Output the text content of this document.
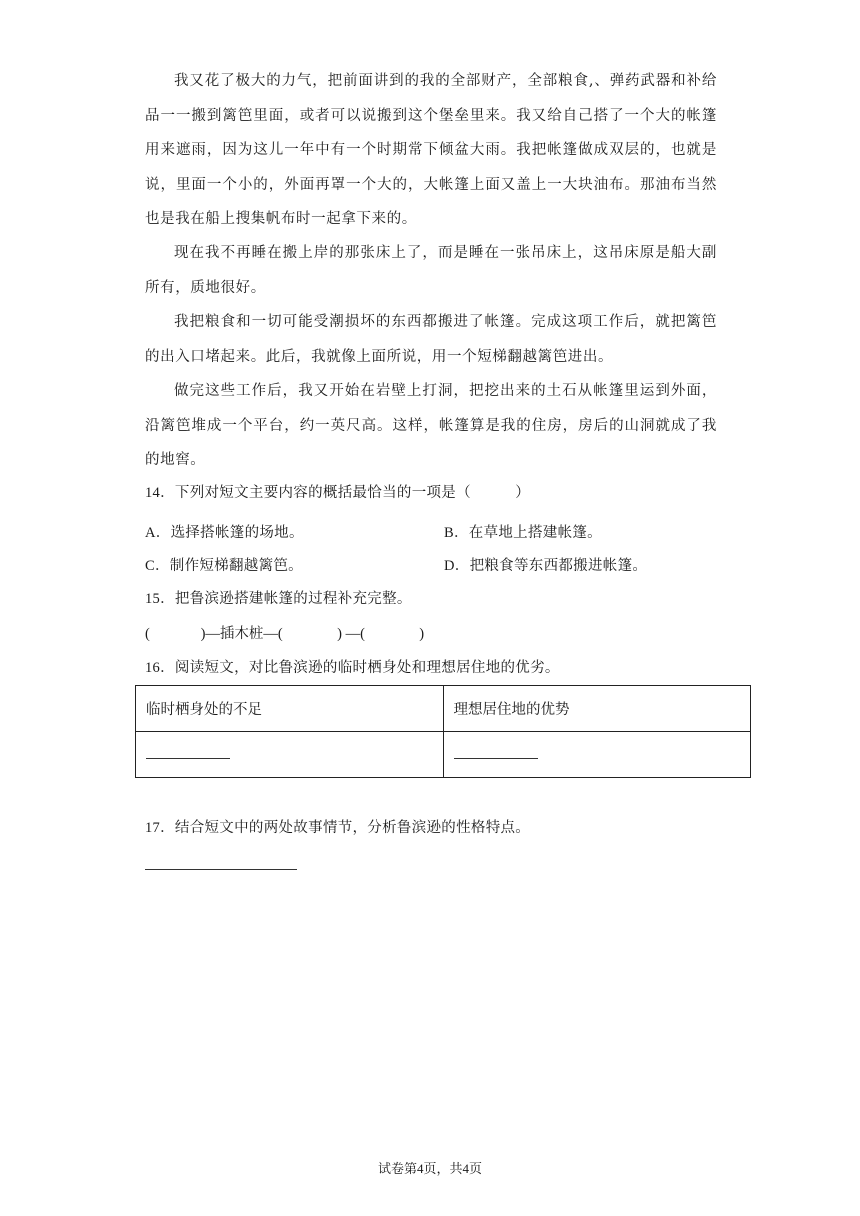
我又花了极大的力气，把前面讲到的我的全部财产，全部粮食,、弹药武器和补给品一一搬到篱笆里面，或者可以说搬到这个堡垒里来。我又给自己搭了一个大的帐篷用来遮雨，因为这儿一年中有一个时期常下倾盆大雨。我把帐篷做成双层的，也就是说，里面一个小的，外面再罩一个大的，大帐篷上面又盖上一大块油布。那油布当然也是我在船上搜集帆布时一起拿下来的。

现在我不再睡在搬上岸的那张床上了，而是睡在一张吊床上，这吊床原是船大副所有，质地很好。

我把粮食和一切可能受潮损坏的东西都搬进了帐篷。完成这项工作后，就把篱笆的出入口堵起来。此后，我就像上面所说，用一个短梯翻越篱笆进出。

做完这些工作后，我又开始在岩壁上打洞，把挖出来的土石从帐篷里运到外面，沿篱笆堆成一个平台，约一英尺高。这样，帐篷算是我的住房，房后的山洞就成了我的地窖。

14．下列对短文主要内容的概括最恰当的一项是（　　　）

A．选择搭帐篷的场地。	B．在草地上搭建帐篷。
C．制作短梯翻越篱笆。	D．把粮食等东西都搬进帐篷。

15．把鲁滨逊搭建帐篷的过程补充完整。

(              )—插木桩—(               ) —(               )

16．阅读短文，对比鲁滨逊的临时栖身处和理想居住地的优劣。

临时栖身处的不足	理想居住地的优势

17．结合短文中的两处故事情节，分析鲁滨逊的性格特点。

试卷第4页，共4页
